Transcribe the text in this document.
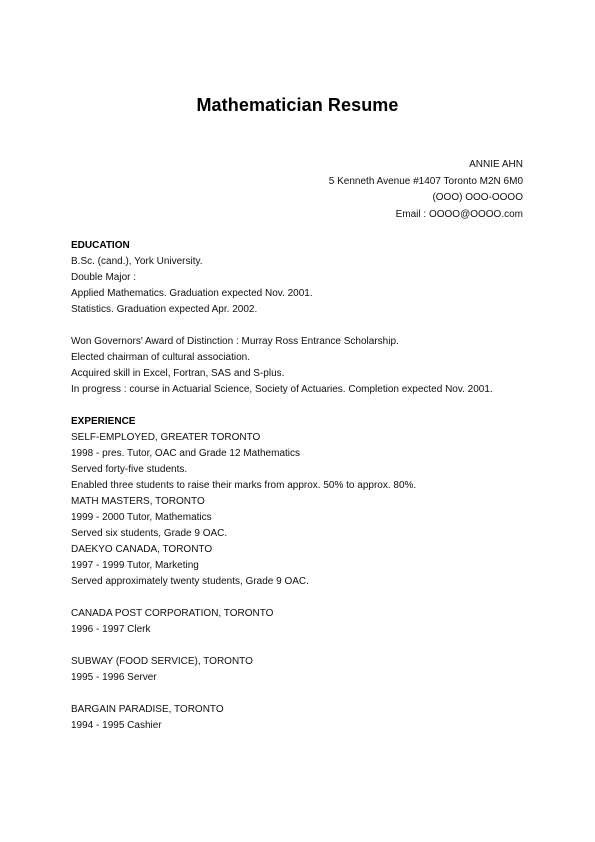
Mathematician Resume
ANNIE AHN
5 Kenneth Avenue #1407 Toronto M2N 6M0
(OOO) OOO-OOOO
Email : OOOO@OOOO.com
EDUCATION
B.Sc. (cand.), York University.
Double Major :
Applied Mathematics. Graduation expected Nov. 2001.
Statistics. Graduation expected Apr. 2002.
Won Governors' Award of Distinction : Murray Ross Entrance Scholarship.
Elected chairman of cultural association.
Acquired skill in Excel, Fortran, SAS and S-plus.
In progress : course in Actuarial Science, Society of Actuaries. Completion expected Nov. 2001.
EXPERIENCE
SELF-EMPLOYED, GREATER TORONTO
1998 - pres. Tutor, OAC and Grade 12 Mathematics
Served forty-five students.
Enabled three students to raise their marks from approx. 50% to approx. 80%.
MATH MASTERS, TORONTO
1999 - 2000 Tutor, Mathematics
Served six students, Grade 9 OAC.
DAEKYO CANADA, TORONTO
1997 - 1999 Tutor, Marketing
Served approximately twenty students, Grade 9 OAC.
CANADA POST CORPORATION, TORONTO
1996 - 1997 Clerk
SUBWAY (FOOD SERVICE), TORONTO
1995 - 1996 Server
BARGAIN PARADISE, TORONTO
1994 - 1995 Cashier
